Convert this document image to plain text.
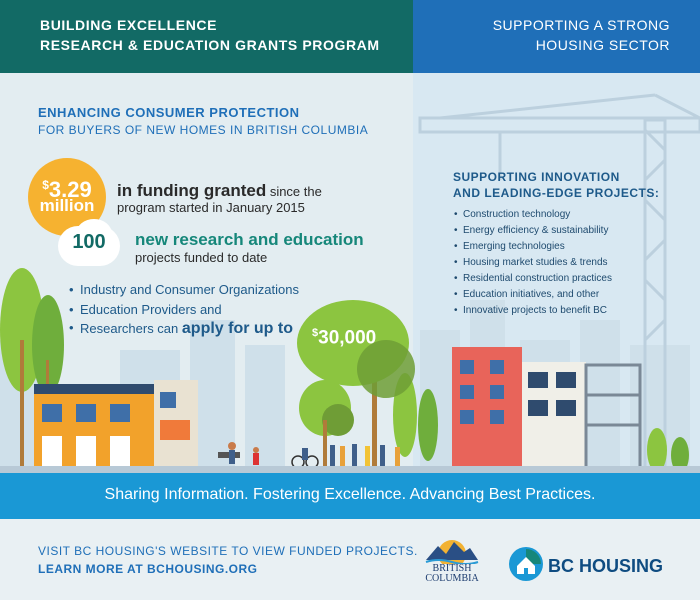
BUILDING EXCELLENCE
RESEARCH & EDUCATION GRANTS PROGRAM
SUPPORTING A STRONG
HOUSING SECTOR
ENHANCING CONSUMER PROTECTION
FOR BUYERS OF NEW HOMES IN BRITISH COLUMBIA
$3.29
million
in funding granted since the
program started in January 2015
100	new research and education
projects funded to date
• Industry and Consumer Organizations
• Education Providers and
• Researchers can apply for up to $30,000
SUPPORTING INNOVATION
AND LEADING-EDGE PROJECTS:
• Construction technology
• Energy efficiency & sustainability
• Emerging technologies
• Housing market studies & trends
• Residential construction practices
• Education initiatives, and other
• Innovative projects to benefit BC
Sharing Information. Fostering Excellence. Advancing Best Practices.
VISIT BC HOUSING'S WEBSITE TO VIEW FUNDED PROJECTS.
LEARN MORE AT BCHOUSING.ORG	BRITISH
COLUMBIA
BC HOUSING
